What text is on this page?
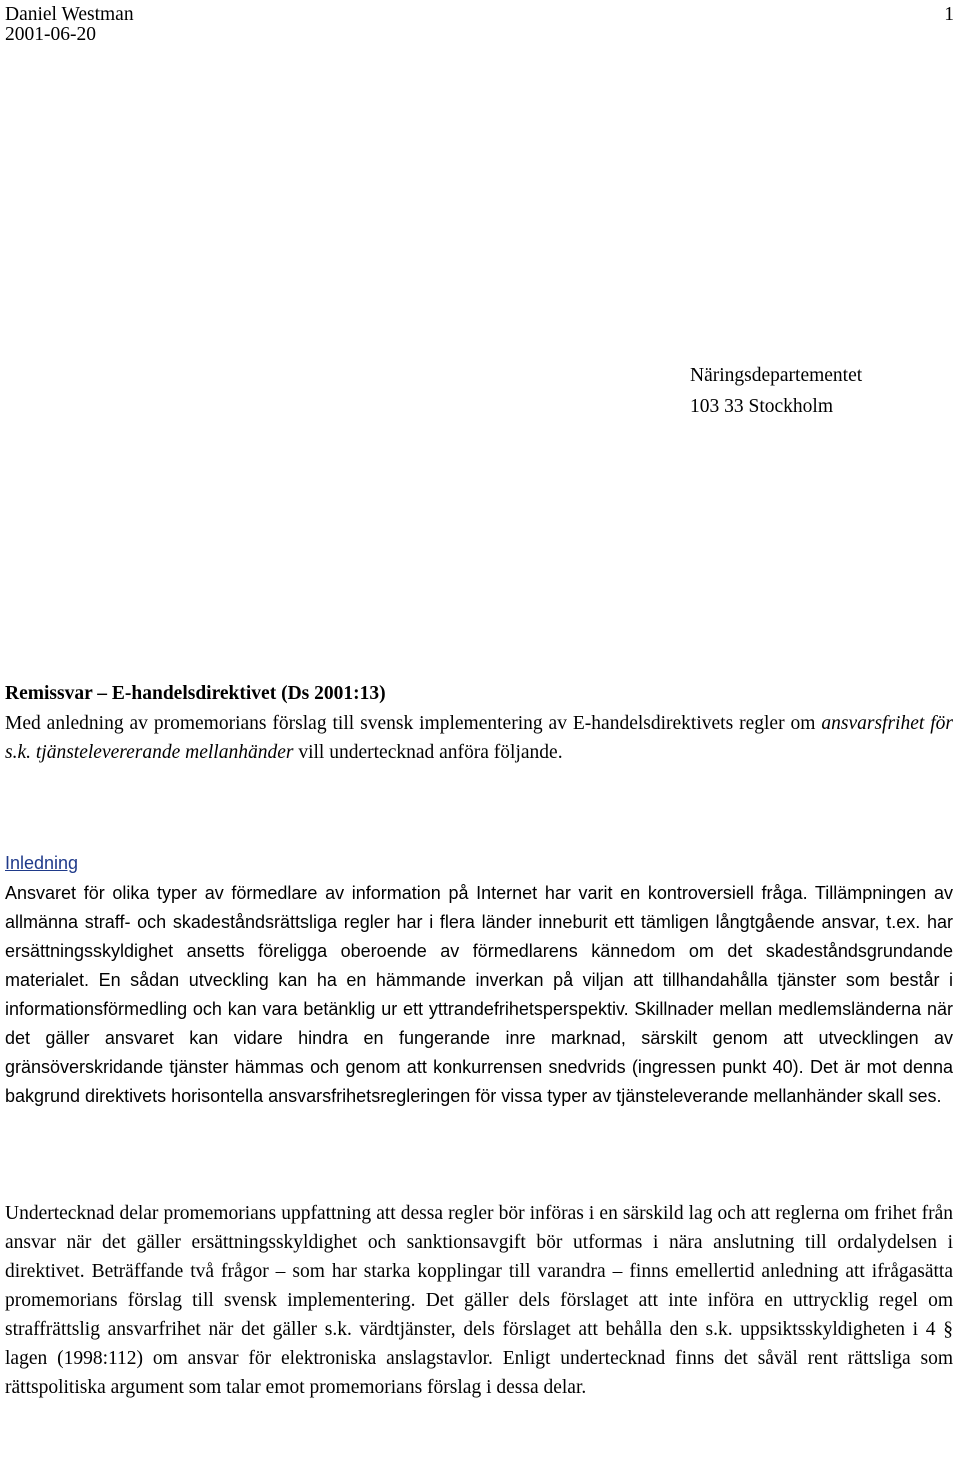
Daniel Westman
2001-06-20
1
Näringsdepartementet
103 33 Stockholm
Remissvar – E-handelsdirektivet (Ds 2001:13)
Med anledning av promemorians förslag till svensk implementering av E-handelsdirektivets regler om ansvarsfrihet för s.k. tjänstelevererande mellanhänder vill undertecknad anföra följande.
Inledning
Ansvaret för olika typer av förmedlare av information på Internet har varit en kontroversiell fråga. Tillämpningen av allmänna straff- och skadeståndsrättsliga regler har i flera länder inneburit ett tämligen långtgående ansvar, t.ex. har ersättningsskyldighet ansetts föreligga oberoende av förmedlarens kännedom om det skadeståndsgrundande materialet. En sådan utveckling kan ha en hämmande inverkan på viljan att tillhandahålla tjänster som består i informationsförmedling och kan vara betänklig ur ett yttrandefrihetsperspektiv. Skillnader mellan medlemsländerna när det gäller ansvaret kan vidare hindra en fungerande inre marknad, särskilt genom att utvecklingen av gränsöverskridande tjänster hämmas och genom att konkurrensen snedvrids (ingressen punkt 40). Det är mot denna bakgrund direktivets horisontella ansvarsfrihetsregleringen för vissa typer av tjänsteleverande mellanhänder skall ses.
Undertecknad delar promemorians uppfattning att dessa regler bör införas i en särskild lag och att reglerna om frihet från ansvar när det gäller ersättningsskyldighet och sanktionsavgift bör utformas i nära anslutning till ordalydelsen i direktivet. Beträffande två frågor – som har starka kopplingar till varandra – finns emellertid anledning att ifrågasätta promemorians förslag till svensk implementering. Det gäller dels förslaget att inte införa en uttrycklig regel om straffrättslig ansvarfrihet när det gäller s.k. värdtjänster, dels förslaget att behålla den s.k. uppsiktsskyldigheten i 4 § lagen (1998:112) om ansvar för elektroniska anslagstavlor. Enligt undertecknad finns det såväl rent rättsliga som rättspolitiska argument som talar emot promemorians förslag i dessa delar.
